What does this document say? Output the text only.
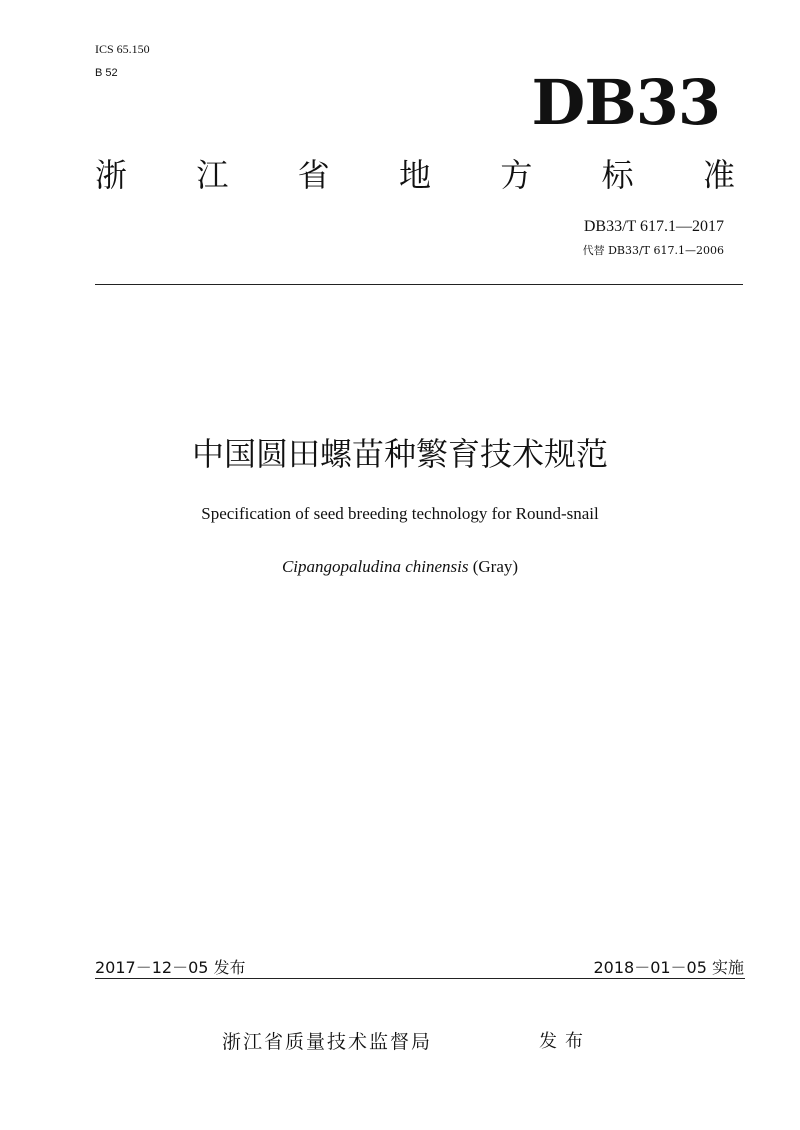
ICS 65.150
B 52	DB33
浙 江 省 地 方 标 准
DB33/T 617.1—2017
代替 DB33/T 617.1—2006
中国圆田螺苗种繁育技术规范
Specification of seed breeding technology for Round-snail
Cipangopaludina chinensis (Gray)
2017－12－05 发布	2018－01－05 实施
浙江省质量技术监督局	发布
